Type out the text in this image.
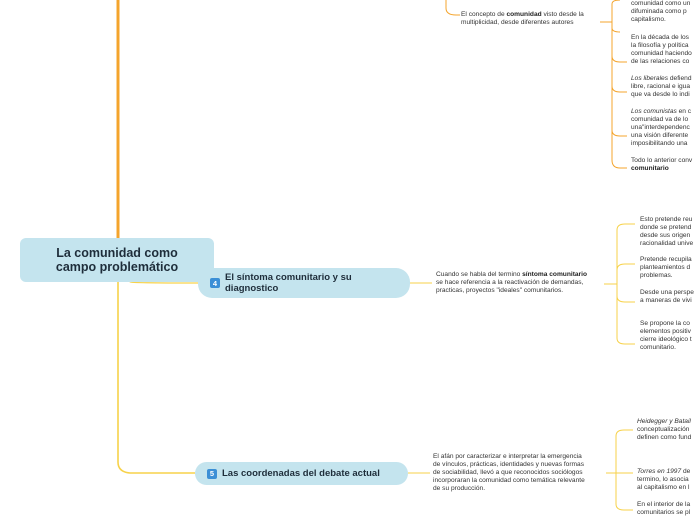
La comunidad como
campo problemático
4 El síntoma comunitario y su
diagnostico
5 Las coordenadas del debate actual
El concepto de comunidad visto desde la
multiplicidad, desde diferentes autores
comunidad como un
difuminada como p
capitalismo.
En la década de los
la filosofía y política
comunidad haciendo
de las relaciones co
Los liberales defiend
libre, racional e igua
que va desde lo indi
Los comunistas en c
comunidad va de lo
una"interdependenc
una visión diferente
imposibilitando una
Todo lo anterior conv
comunitario
Cuando se habla del termino síntoma comunitario
se hace referencia a la reactivación de demandas,
practicas, proyectos "ideales" comunitarios.
Esto pretende reu
donde se pretend
desde sus origen
racionalidad unive
Pretende recupila
planteamientos d
problemas.
Desde una perspe
a maneras de vivi
Se propone la co
elementos positiv
cierre ideológico t
comunitario.
El afán por caracterizar e interpretar la emergencia
de vínculos, prácticas, identidades y nuevas formas
de sociabilidad, llevó a que reconocidos sociólogos
incorporaran la comunidad como temática relevante
de su producción.
Heidegger y Batail
conceptualización
definen como fund
Torres en 1997 de
termino, lo asocia
al capitalismo en l
En el interior de la
comunitarios se pl
